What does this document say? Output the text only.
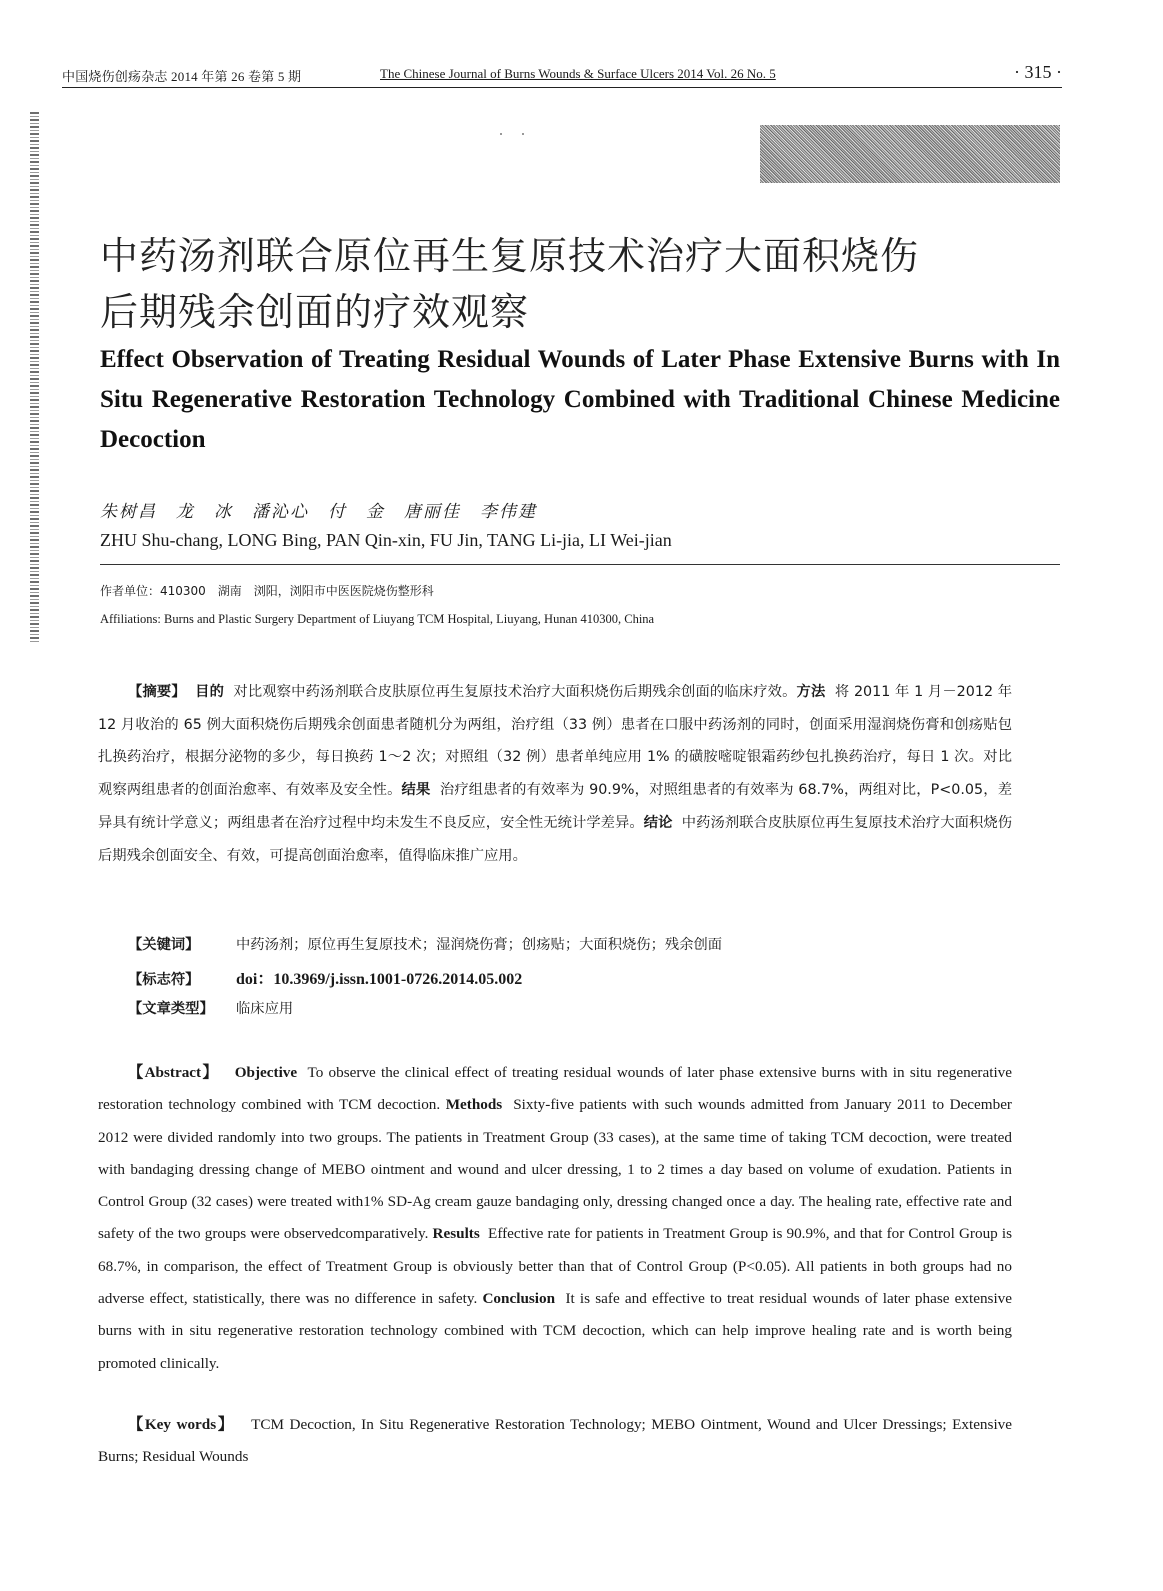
中国烧伤创疡杂志 2014 年第 26 卷第 5 期	The Chinese Journal of Burns Wounds & Surface Ulcers 2014 Vol. 26 No. 5	· 315 ·
中药汤剂联合原位再生复原技术治疗大面积烧伤
后期残余创面的疗效观察
Effect Observation of Treating Residual Wounds of Later Phase Extensive Burns with In Situ Regenerative Restoration Technology Combined with Traditional Chinese Medicine Decoction
朱树昌　龙　冰　潘沁心　付　金　唐丽佳　李伟建
ZHU Shu-chang, LONG Bing, PAN Qin-xin, FU Jin, TANG Li-jia, LI Wei-jian
作者单位：410300　湖南　浏阳，浏阳市中医医院烧伤整形科
Affiliations: Burns and Plastic Surgery Department of Liuyang TCM Hospital, Liuyang, Hunan 410300, China
【摘要】 目的 对比观察中药汤剂联合皮肤原位再生复原技术治疗大面积烧伤后期残余创面的临床疗效。方法 将 2011 年 1 月－2012 年 12 月收治的 65 例大面积烧伤后期残余创面患者随机分为两组，治疗组（33 例）患者在口服中药汤剂的同时，创面采用湿润烧伤膏和创疡贴包扎换药治疗，根据分泌物的多少，每日换药 1～2 次；对照组（32 例）患者单纯应用 1% 的磺胺嘧啶银霜药纱包扎换药治疗，每日 1 次。对比观察两组患者的创面治愈率、有效率及安全性。结果 治疗组患者的有效率为 90.9%，对照组患者的有效率为 68.7%，两组对比，P<0.05，差异具有统计学意义；两组患者在治疗过程中均未发生不良反应，安全性无统计学差异。结论 中药汤剂联合皮肤原位再生复原技术治疗大面积烧伤后期残余创面安全、有效，可提高创面治愈率，值得临床推广应用。
【关键词】	中药汤剂；原位再生复原技术；湿润烧伤膏；创疡贴；大面积烧伤；残余创面
【标志符】 doi：10.3969/j.issn.1001-0726.2014.05.002
【文章类型】 临床应用
【Abstract】 Objective To observe the clinical effect of treating residual wounds of later phase extensive burns with in situ regenerative restoration technology combined with TCM decoction. Methods Sixty-five patients with such wounds admitted from January 2011 to December 2012 were divided randomly into two groups. The patients in Treatment Group (33 cases), at the same time of taking TCM decoction, were treated with bandaging dressing change of MEBO ointment and wound and ulcer dressing, 1 to 2 times a day based on volume of exudation. Patients in Control Group (32 cases) were treated with1% SD-Ag cream gauze bandaging only, dressing changed once a day. The healing rate, effective rate and safety of the two groups were observedcomparatively. Results Effective rate for patients in Treatment Group is 90.9%, and that for Control Group is 68.7%, in comparison, the effect of Treatment Group is obviously better than that of Control Group (P<0.05). All patients in both groups had no adverse effect, statistically, there was no difference in safety. Conclusion It is safe and effective to treat residual wounds of later phase extensive burns with in situ regenerative restoration technology combined with TCM decoction, which can help improve healing rate and is worth being promoted clinically.
【Key words】 TCM Decoction, In Situ Regenerative Restoration Technology; MEBO Ointment, Wound and Ulcer Dressings; Extensive Burns; Residual Wounds
